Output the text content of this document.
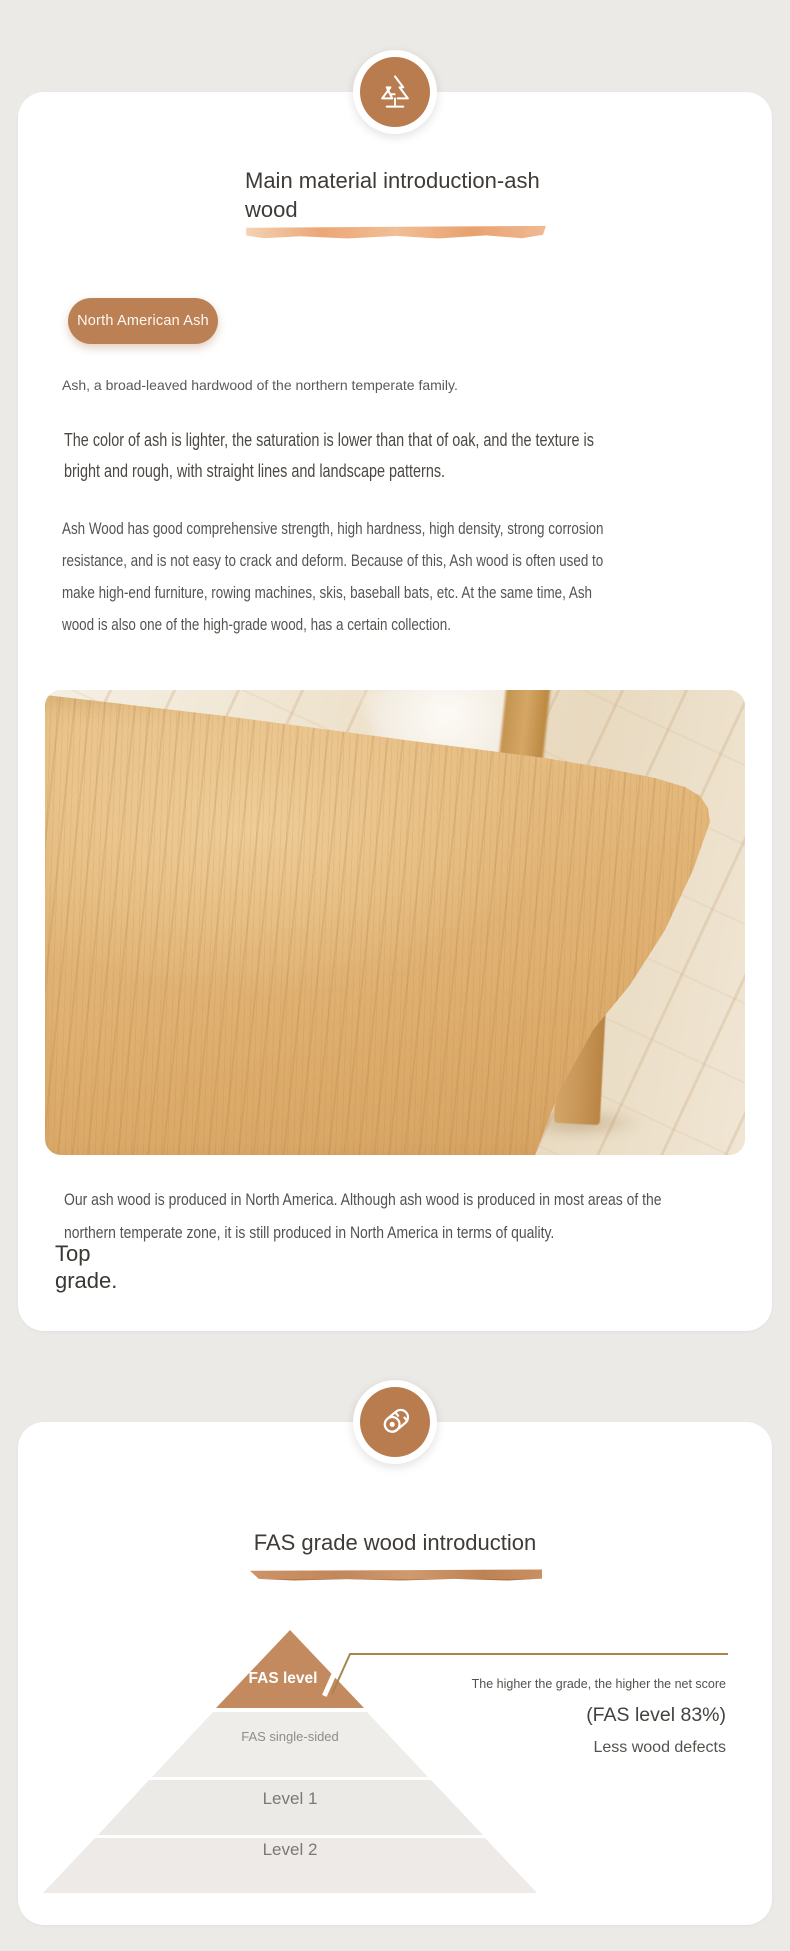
Main material introduction-ash wood
North American Ash

Ash, a broad-leaved hardwood of the northern temperate family.

The color of ash is lighter, the saturation is lower than that of oak, and the texture is bright and rough, with straight lines and landscape patterns.

Ash Wood has good comprehensive strength, high hardness, high density, strong corrosion resistance, and is not easy to crack and deform. Because of this, Ash wood is often used to make high-end furniture, rowing machines, skis, baseball bats, etc. At the same time, Ash wood is also one of the high-grade wood, has a certain collection.

Our ash wood is produced in North America. Although ash wood is produced in most areas of the northern temperate zone, it is still produced in North America in terms of quality.

Top grade.

FAS grade wood introduction
FAS level
FAS single-sided
Level 1
Level 2
The higher the grade, the higher the net score
(FAS level 83%)
Less wood defects
